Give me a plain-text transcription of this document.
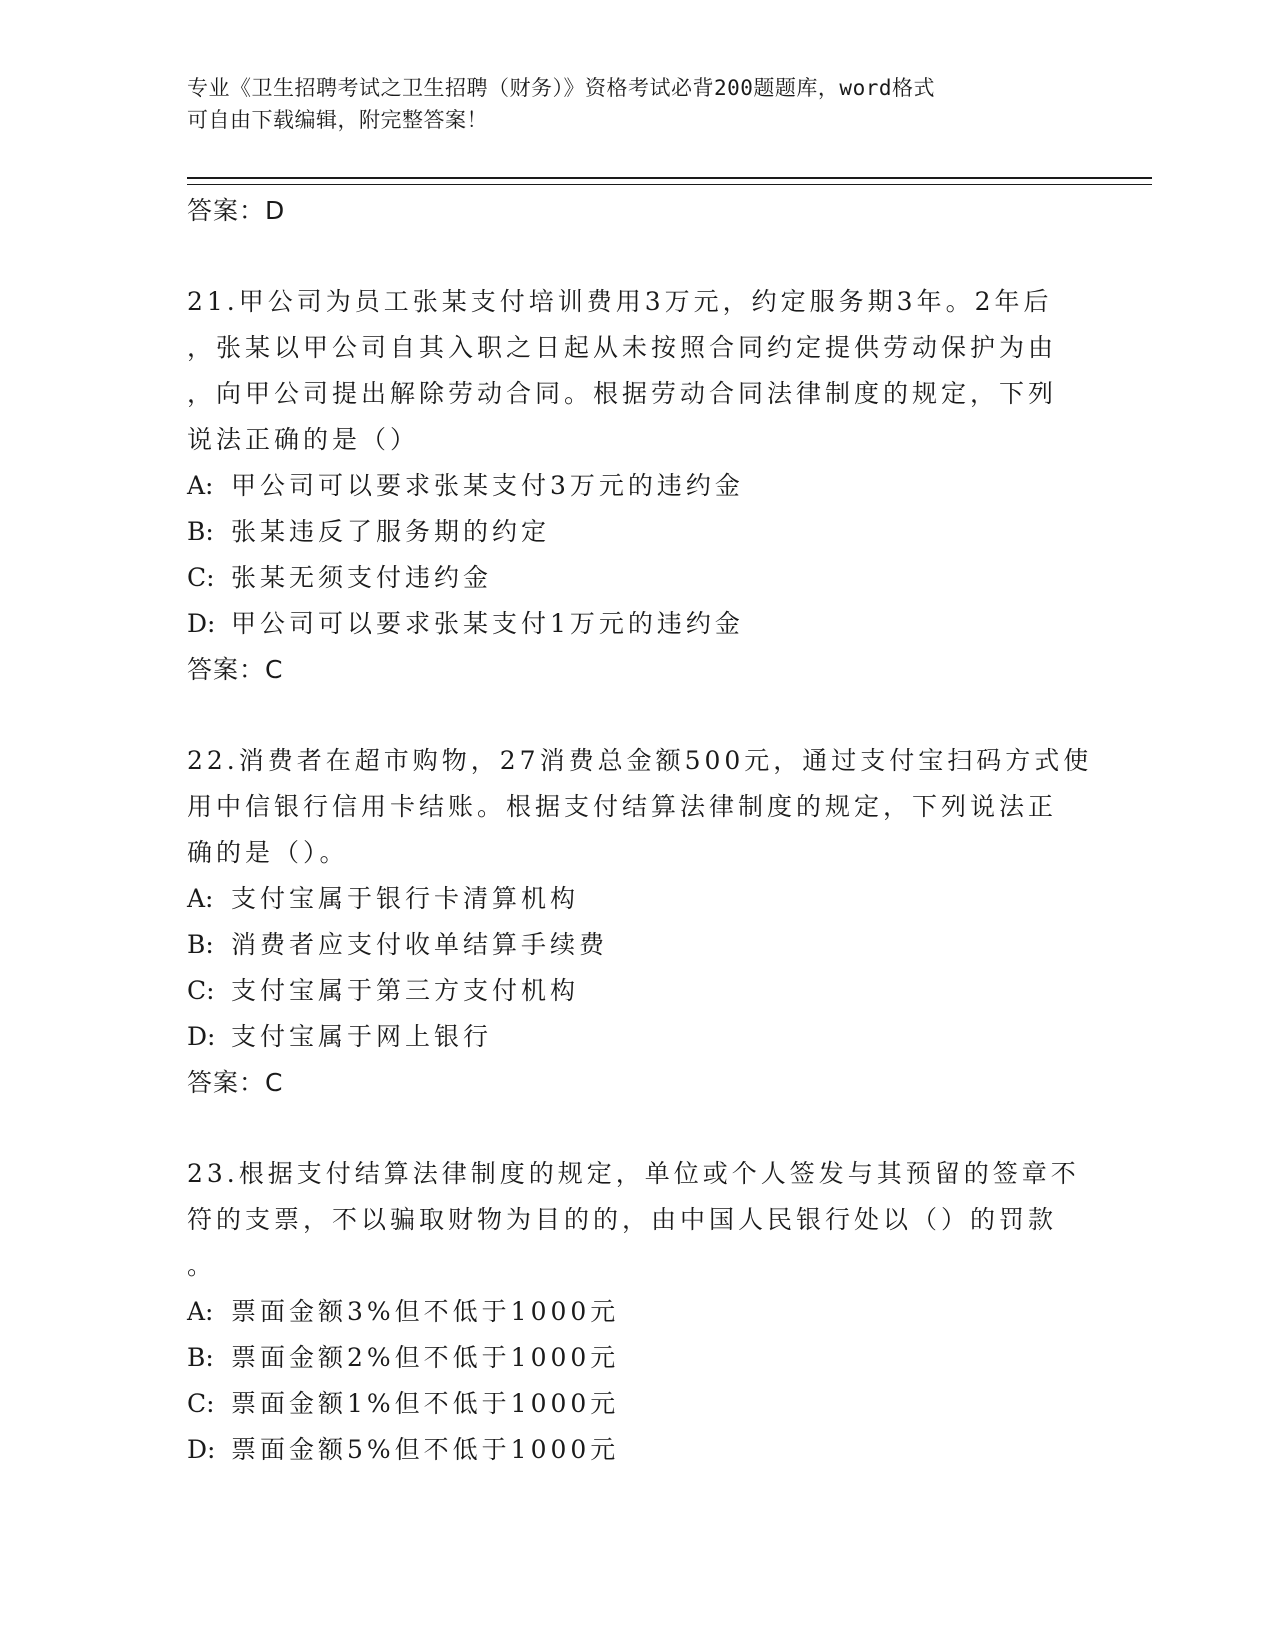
专业《卫生招聘考试之卫生招聘（财务）》资格考试必背200题题库，word格式
可自由下载编辑，附完整答案！
答案：D
21.甲公司为员工张某支付培训费用3万元，约定服务期3年。2年后
，张某以甲公司自其入职之日起从未按照合同约定提供劳动保护为由
，向甲公司提出解除劳动合同。根据劳动合同法律制度的规定，下列
说法正确的是（）
A: 甲公司可以要求张某支付3万元的违约金
B: 张某违反了服务期的约定
C: 张某无须支付违约金
D: 甲公司可以要求张某支付1万元的违约金
答案：C
22.消费者在超市购物，27消费总金额500元，通过支付宝扫码方式使
用中信银行信用卡结账。根据支付结算法律制度的规定，下列说法正
确的是（）。
A: 支付宝属于银行卡清算机构
B: 消费者应支付收单结算手续费
C: 支付宝属于第三方支付机构
D: 支付宝属于网上银行
答案：C
23.根据支付结算法律制度的规定，单位或个人签发与其预留的签章不
符的支票，不以骗取财物为目的的，由中国人民银行处以（）的罚款
。
A: 票面金额3%但不低于1000元
B: 票面金额2%但不低于1000元
C: 票面金额1%但不低于1000元
D: 票面金额5%但不低于1000元
